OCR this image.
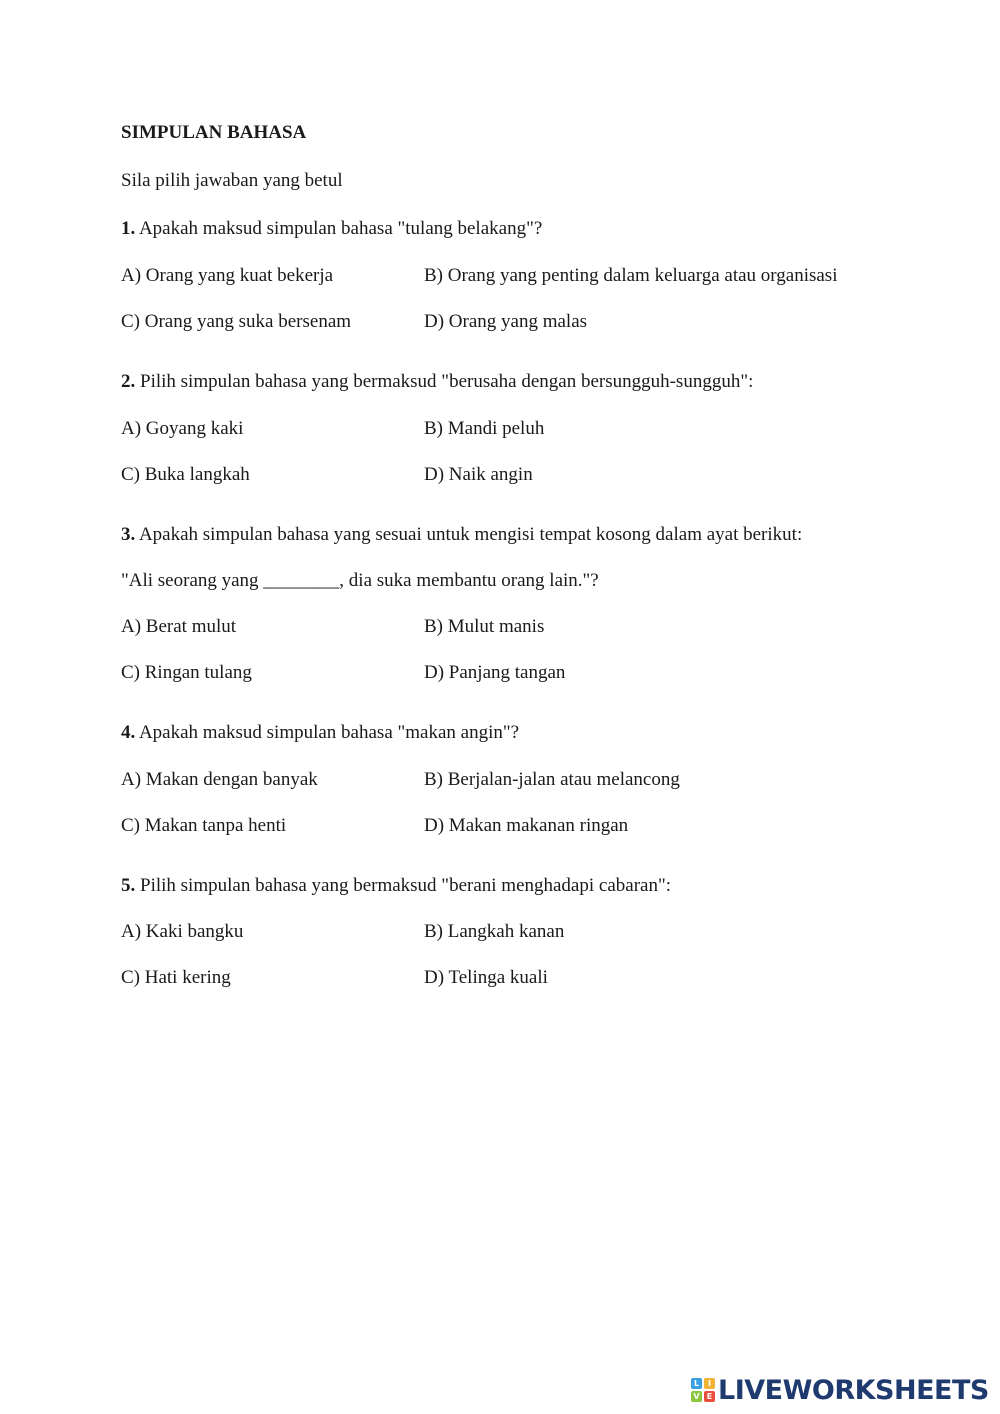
SIMPULAN BAHASA
Sila pilih jawaban yang betul
1. Apakah maksud simpulan bahasa "tulang belakang"?
A) Orang yang kuat bekerja	B) Orang yang penting dalam keluarga atau organisasi
C) Orang yang suka bersenam	D) Orang yang malas
2. Pilih simpulan bahasa yang bermaksud "berusaha dengan bersungguh-sungguh":
A) Goyang kaki	B) Mandi peluh
C) Buka langkah	D) Naik angin
3. Apakah simpulan bahasa yang sesuai untuk mengisi tempat kosong dalam ayat berikut:
"Ali seorang yang ________, dia suka membantu orang lain."?
A) Berat mulut	B) Mulut manis
C) Ringan tulang	D) Panjang tangan
4. Apakah maksud simpulan bahasa "makan angin"?
A) Makan dengan banyak	B) Berjalan-jalan atau melancong
C) Makan tanpa henti	D) Makan makanan ringan
5. Pilih simpulan bahasa yang bermaksud "berani menghadapi cabaran":
A) Kaki bangku	B) Langkah kanan
C) Hati kering	D) Telinga kuali
L	I
V E LIVEWORKSHEETS
